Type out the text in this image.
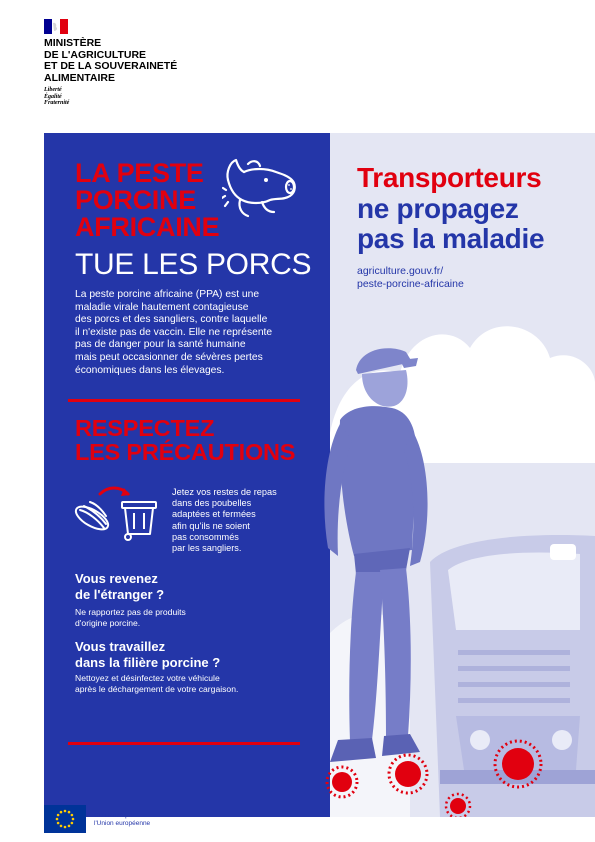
MINISTÈRE
DE L'AGRICULTURE
ET DE LA SOUVERAINETÉ
ALIMENTAIRE
Liberté
Égalité
Fraternité
LA PESTE
PORCINE
AFRICAINE
TUE LES PORCS
La peste porcine africaine (PPA) est une
maladie virale hautement contagieuse
des porcs et des sangliers, contre laquelle
il n'existe pas de vaccin. Elle ne représente
pas de danger pour la santé humaine
mais peut occasionner de sévères pertes
économiques dans les élevages.
RESPECTEZ
LES PRÉCAUTIONS
Jetez vos restes de repas
dans des poubelles
adaptées et fermées
afin qu'ils ne soient
pas consommés
par les sangliers.
Vous revenez
de l'étranger ?
Ne rapportez pas de produits
d'origine porcine.
Vous travaillez
dans la filière porcine ?
Nettoyez et désinfectez votre véhicule
après le déchargement de votre cargaison.
Transporteurs
ne propagez
pas la maladie
agriculture.gouv.fr/
peste-porcine-africaine
Cofinancé par
l'Union européenne
